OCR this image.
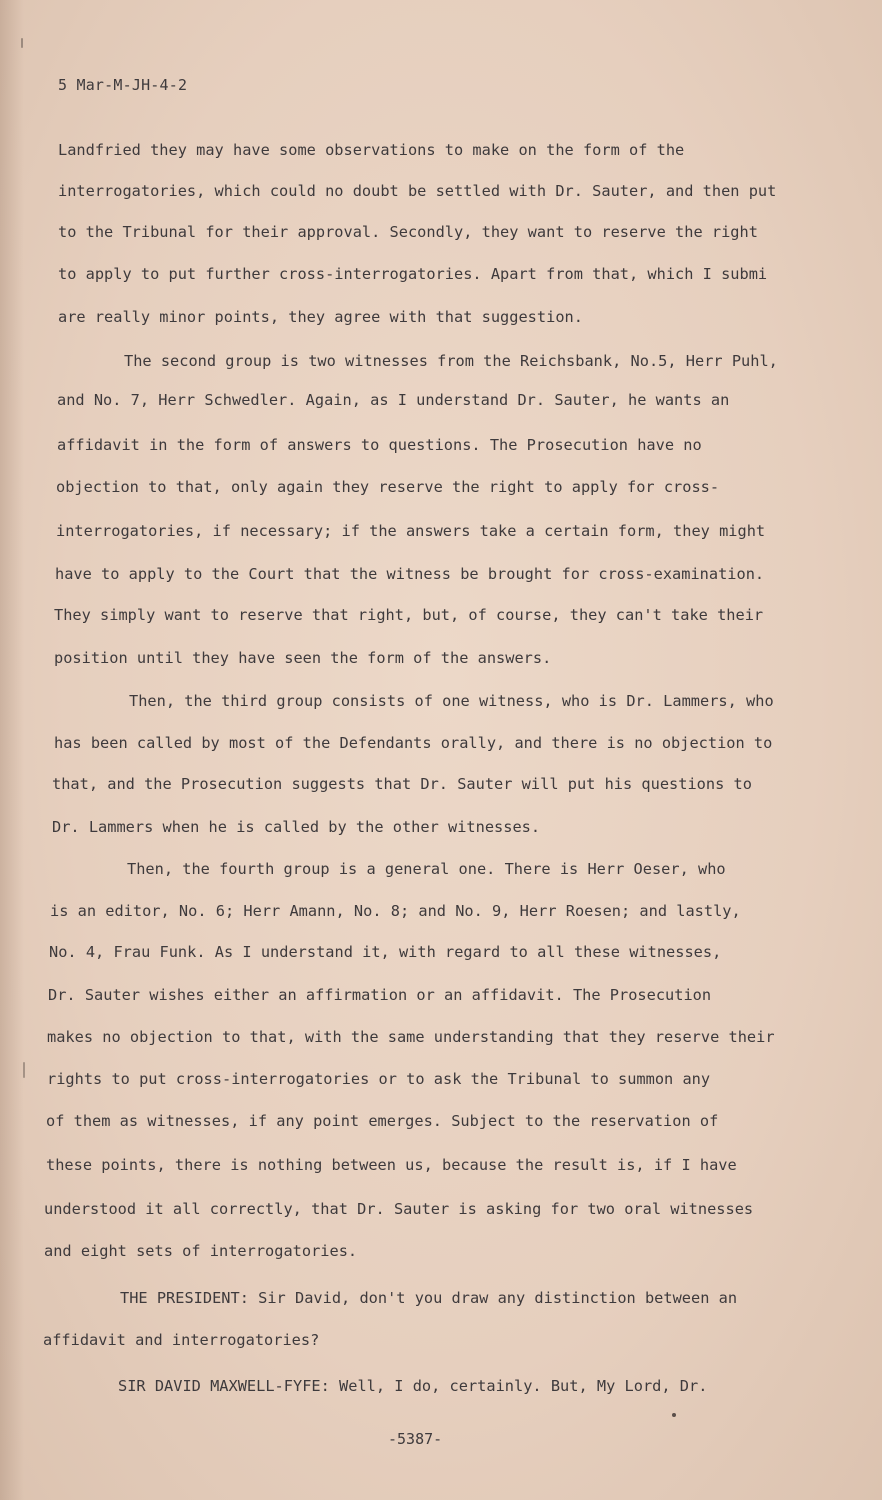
5 Mar-M-JH-4-2
Landfried they may have some observations to make on the form of the
interrogatories, which could no doubt be settled with Dr. Sauter, and then put
to the Tribunal for their approval. Secondly, they want to reserve the right
to apply to put further cross-interrogatories. Apart from that, which I submi
are really minor points, they agree with that suggestion.
The second group is two witnesses from the Reichsbank, No.5, Herr Puhl,
and No. 7, Herr Schwedler. Again, as I understand Dr. Sauter, he wants an
affidavit in the form of answers to questions. The Prosecution have no
objection to that, only again they reserve the right to apply for cross-
interrogatories, if necessary; if the answers take a certain form, they might
have to apply to the Court that the witness be brought for cross-examination.
They simply want to reserve that right, but, of course, they can't take their
position until they have seen the form of the answers.
Then, the third group consists of one witness, who is Dr. Lammers, who
has been called by most of the Defendants orally, and there is no objection to
that, and the Prosecution suggests that Dr. Sauter will put his questions to
Dr. Lammers when he is called by the other witnesses.
Then, the fourth group is a general one. There is Herr Oeser, who
is an editor, No. 6; Herr Amann, No. 8; and No. 9, Herr Roesen; and lastly,
No. 4, Frau Funk. As I understand it, with regard to all these witnesses,
Dr. Sauter wishes either an affirmation or an affidavit. The Prosecution
makes no objection to that, with the same understanding that they reserve their
rights to put cross-interrogatories or to ask the Tribunal to summon any
of them as witnesses, if any point emerges. Subject to the reservation of
these points, there is nothing between us, because the result is, if I have
understood it all correctly, that Dr. Sauter is asking for two oral witnesses
and eight sets of interrogatories.
THE PRESIDENT: Sir David, don't you draw any distinction between an
affidavit and interrogatories?
SIR DAVID MAXWELL-FYFE: Well, I do, certainly. But, My Lord, Dr.
-5387-
